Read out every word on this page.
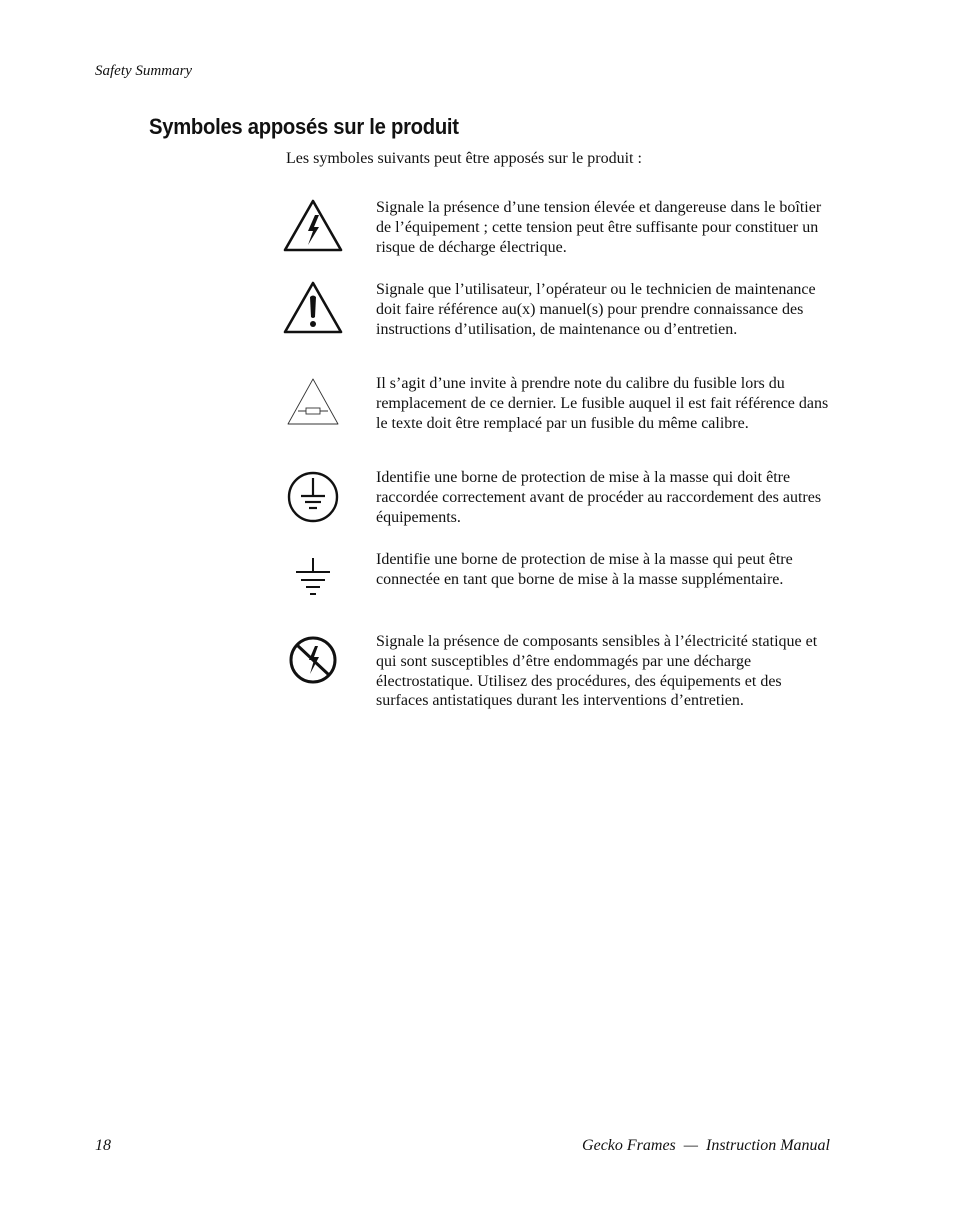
Safety Summary
Symboles apposés sur le produit
Les symboles suivants peut être apposés sur le produit :
Signale la présence d’une tension élevée et dangereuse dans le boîtier de l’équipement ; cette tension peut être suffisante pour constituer un risque de décharge électrique.
Signale que l’utilisateur, l’opérateur ou le technicien de maintenance doit faire référence au(x) manuel(s) pour prendre connaissance des instructions d’utilisation, de maintenance ou d’entretien.
Il s’agit d’une invite à prendre note du calibre du fusible lors du remplacement de ce dernier. Le fusible auquel il est fait référence dans le texte doit être remplacé par un fusible du même calibre.
Identifie une borne de protection de mise à la masse qui doit être raccordée correctement avant de procéder au raccordement des autres équipements.
Identifie une borne de protection de mise à la masse qui peut être connectée en tant que borne de mise à la masse supplémentaire.
Signale la présence de composants sensibles à l’électricité statique et qui sont susceptibles d’être endommagés par une décharge électrostatique. Utilisez des procédures, des équipements et des surfaces antistatiques durant les interventions d’entretien.
18	Gecko Frames  —  Instruction Manual
